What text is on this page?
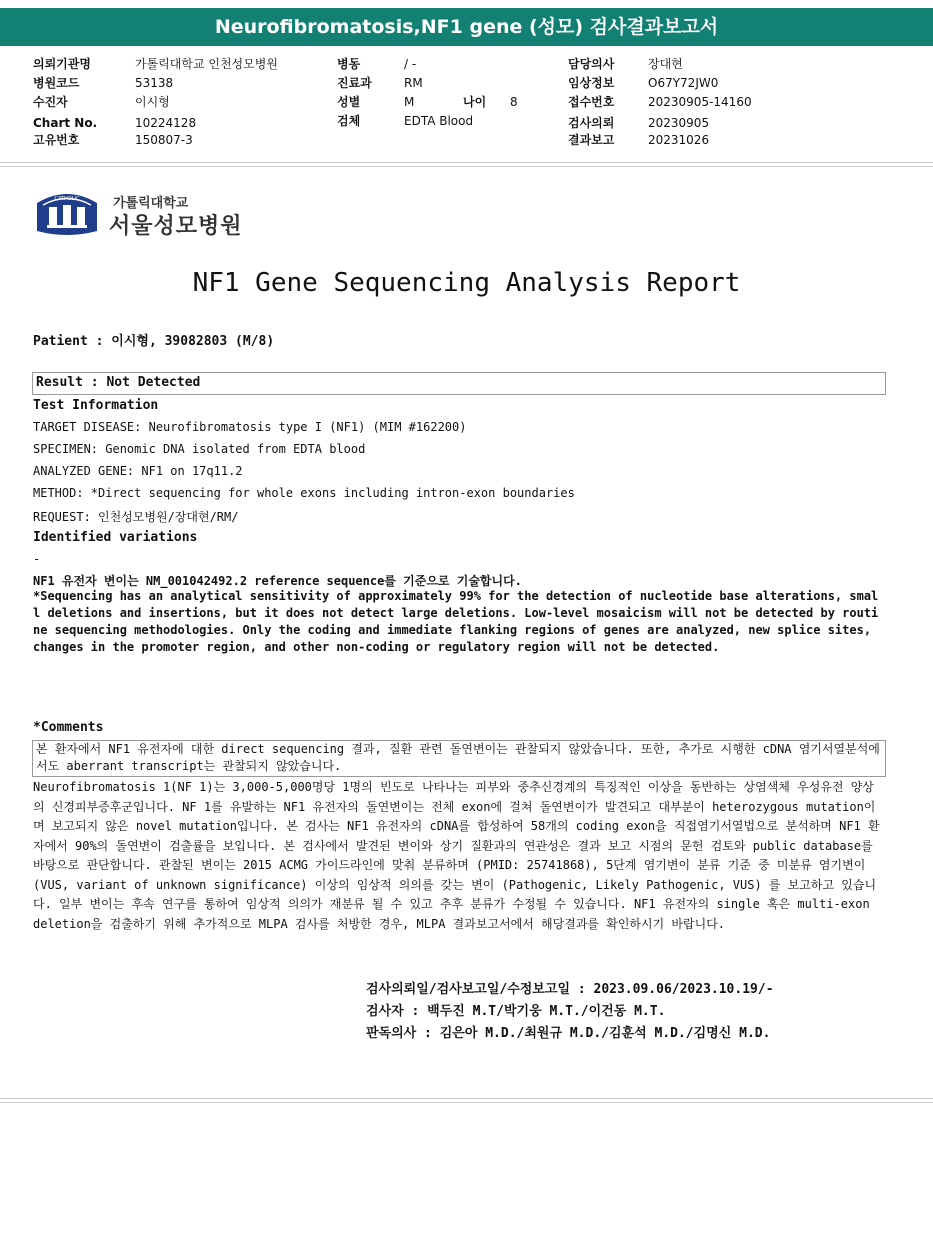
Neurofibromatosis,NF1 gene (성모) 검사결과보고서
의뢰기관명	가톨릭대학교 인천성모병원
병원코드	53138
수진자	이시형
Chart No.	10224128
고유번호	150807-3
병동	/ -
진료과	RM
성별	M	나이 8
검체	EDTA Blood
담당의사	장대현
임상정보	O67Y72JW0
접수번호	20230905-14160
검사의뢰	20230905
결과보고	20231026
CATHOLIC	가톨릭대학교
서울성모병원
NF1 Gene Sequencing Analysis Report
Patient : 이시형, 39082803 (M/8)
Result : Not Detected
Test Information
TARGET DISEASE: Neurofibromatosis type I (NF1) (MIM #162200)
SPECIMEN: Genomic DNA isolated from EDTA blood
ANALYZED GENE: NF1 on 17q11.2
METHOD: *Direct sequencing for whole exons including intron-exon boundaries
REQUEST: 인천성모병원/장대현/RM/
Identified variations
-
NF1 유전자 변이는 NM_001042492.2 reference sequence를 기준으로 기술합니다.
*Sequencing has an analytical sensitivity of approximately 99% for the detection of nucleotide base alterations, small deletions and insertions, but it does not detect large deletions. Low-level mosaicism will not be detected by routine sequencing methodologies. Only the coding and immediate flanking regions of genes are analyzed, new splice sites, changes in the promoter region, and other non-coding or regulatory region will not be detected.
*Comments
본 환자에서 NF1 유전자에 대한 direct sequencing 결과, 질환 관련 돌연변이는 관찰되지 않았습니다. 또한, 추가로 시행한 cDNA 염기서열분석에서도 aberrant transcript는 관찰되지 않았습니다.
Neurofibromatosis 1(NF 1)는 3,000-5,000명당 1명의 빈도로 나타나는 피부와 중추신경계의 특징적인 이상을 동반하는 상염색체 우성유전 양상의 신경피부증후군입니다. NF 1를 유발하는 NF1 유전자의 돌연변이는 전체 exon에 걸쳐 돌연변이가 발견되고 대부분이 heterozygous mutation이며 보고되지 않은 novel mutation입니다. 본 검사는 NF1 유전자의 cDNA를 합성하여 58개의 coding exon을 직접염기서열법으로 분석하며 NF1 환자에서 90%의 돌연변이 검출률을 보입니다. 본 검사에서 발견된 변이와 상기 질환과의 연관성은 결과 보고 시점의 문헌 검토와 public database를 바탕으로 판단합니다. 관찰된 변이는 2015 ACMG 가이드라인에 맞춰 분류하며 (PMID: 25741868), 5단계 염기변이 분류 기준 중 미분류 염기변이 (VUS, variant of unknown significance) 이상의 임상적 의의를 갖는 변이 (Pathogenic, Likely Pathogenic, VUS) 를 보고하고 있습니다. 일부 변이는 후속 연구를 통하여 임상적 의의가 재분류 될 수 있고 추후 분류가 수정될 수 있습니다. NF1 유전자의 single 혹은 multi-exon deletion을 검출하기 위해 추가적으로 MLPA 검사를 처방한 경우, MLPA 결과보고서에서 해당결과를 확인하시기 바랍니다.
검사의뢰일/검사보고일/수정보고일 : 2023.09.06/2023.10.19/-
검사자 : 백두진 M.T/박기웅 M.T./이건동 M.T.
판독의사 : 김은아 M.D./최원규 M.D./김훈석 M.D./김명신 M.D.
